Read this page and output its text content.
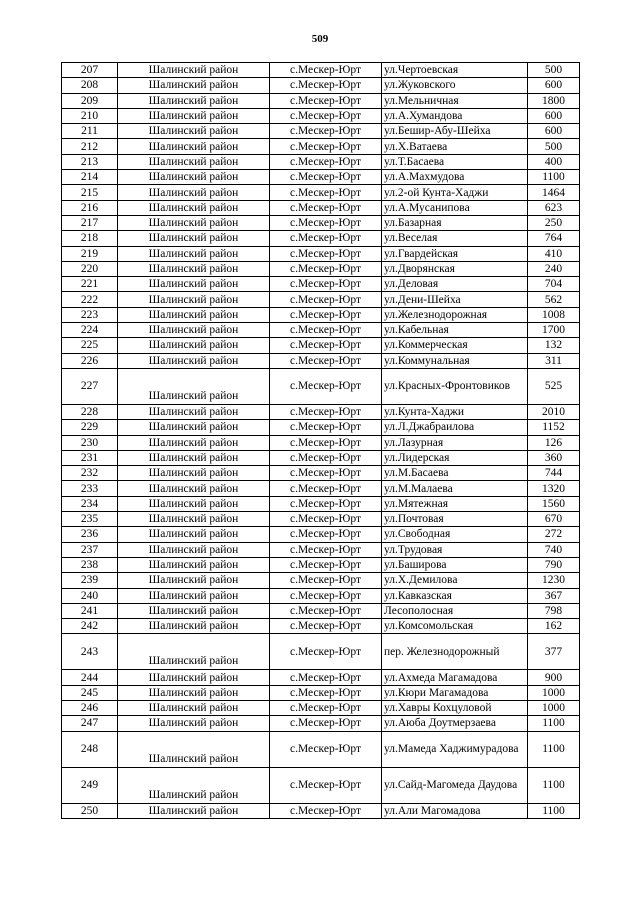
509
207	Шалинский район	с.Мескер-Юрт	ул.Чертоевская	500
208	Шалинский район	с.Мескер-Юрт	ул.Жуковского	600
209	Шалинский район	с.Мескер-Юрт	ул.Мельничная	1800
210	Шалинский район	с.Мескер-Юрт	ул.А.Хумандова	600
211	Шалинский район	с.Мескер-Юрт	ул.Бешир-Абу-Шейха	600
212	Шалинский район	с.Мескер-Юрт	ул.Х.Ватаева	500
213	Шалинский район	с.Мескер-Юрт	ул.Т.Басаева	400
214	Шалинский район	с.Мескер-Юрт	ул.А.Махмудова	1100
215	Шалинский район	с.Мескер-Юрт	ул.2-ой Кунта-Хаджи	1464
216	Шалинский район	с.Мескер-Юрт	ул.А.Мусанипова	623
217	Шалинский район	с.Мескер-Юрт	ул.Базарная	250
218	Шалинский район	с.Мескер-Юрт	ул.Веселая	764
219	Шалинский район	с.Мескер-Юрт	ул.Гвардейская	410
220	Шалинский район	с.Мескер-Юрт	ул.Дворянская	240
221	Шалинский район	с.Мескер-Юрт	ул.Деловая	704
222	Шалинский район	с.Мескер-Юрт	ул.Дени-Шейха	562
223	Шалинский район	с.Мескер-Юрт	ул.Железнодорожная	1008
224	Шалинский район	с.Мескер-Юрт	ул.Кабельная	1700
225	Шалинский район	с.Мескер-Юрт	ул.Коммерческая	132
226	Шалинский район	с.Мескер-Юрт	ул.Коммунальная	311
227	Шалинский район	с.Мескер-Юрт	ул.Красных-Фронтовиков	525
228	Шалинский район	с.Мескер-Юрт	ул.Кунта-Хаджи	2010
229	Шалинский район	с.Мескер-Юрт	ул.Л.Джабраилова	1152
230	Шалинский район	с.Мескер-Юрт	ул.Лазурная	126
231	Шалинский район	с.Мескер-Юрт	ул.Лидерская	360
232	Шалинский район	с.Мескер-Юрт	ул.М.Басаева	744
233	Шалинский район	с.Мескер-Юрт	ул.М.Малаева	1320
234	Шалинский район	с.Мескер-Юрт	ул.Мятежная	1560
235	Шалинский район	с.Мескер-Юрт	ул.Почтовая	670
236	Шалинский район	с.Мескер-Юрт	ул.Свободная	272
237	Шалинский район	с.Мескер-Юрт	ул.Трудовая	740
238	Шалинский район	с.Мескер-Юрт	ул.Баширова	790
239	Шалинский район	с.Мескер-Юрт	ул.Х.Демилова	1230
240	Шалинский район	с.Мескер-Юрт	ул.Кавказская	367
241	Шалинский район	с.Мескер-Юрт	Лесополосная	798
242	Шалинский район	с.Мескер-Юрт	ул.Комсомольская	162
243	Шалинский район	с.Мескер-Юрт	пер. Железнодорожный	377
244	Шалинский район	с.Мескер-Юрт	ул.Ахмеда Магамадова	900
245	Шалинский район	с.Мескер-Юрт	ул.Кюри Магамадова	1000
246	Шалинский район	с.Мескер-Юрт	ул.Хавры Кохцуловой	1000
247	Шалинский район	с.Мескер-Юрт	ул.Аюба Доутмерзаева	1100
248	Шалинский район	с.Мескер-Юрт	ул.Мамеда Хаджимурадова	1100
249	Шалинский район	с.Мескер-Юрт	ул.Сайд-Магомеда Даудова	1100
250	Шалинский район	с.Мескер-Юрт	ул.Али Магомадова	1100
